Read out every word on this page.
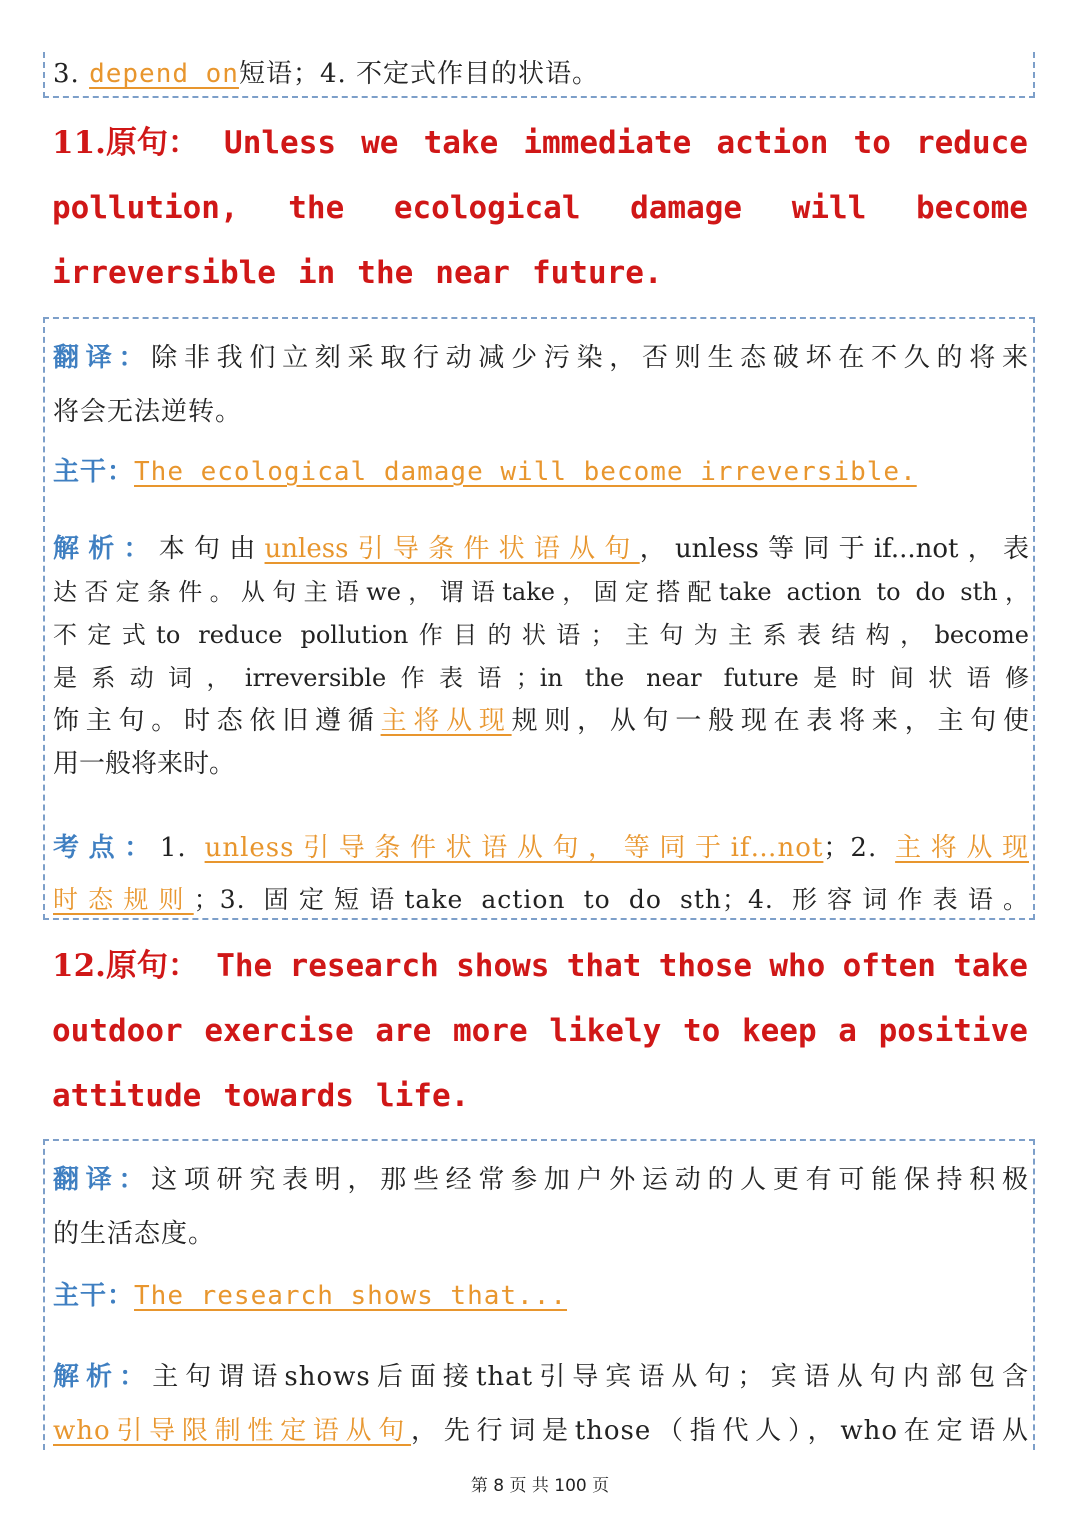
3. depend on短语；4. 不定式作目的状语。
11.原句： Unless we take immediate action to reduce
pollution, the ecological damage will become
irreversible in the near future.
翻译：除非我们立刻采取行动减少污染，否则生态破坏在不久的将来
将会无法逆转。
主干：The ecological damage will become irreversible.
解析：本句由unless引导条件状语从句，unless等同于if...not，表
达否定条件。从句主语we，谓语take，固定搭配take action to do sth，
不定式to reduce pollution作目的状语；主句为主系表结构，become
是系动词，irreversible作表语；in the near future是时间状语修
饰主句。时态依旧遵循主将从现规则，从句一般现在表将来，主句使
用一般将来时。
考点：1. unless引导条件状语从句，等同于if…not；2. 主将从现
时态规则；3. 固定短语take action to do sth；4. 形容词作表语。
12.原句： The research shows that those who often take
outdoor exercise are more likely to keep a positive
attitude towards life.
翻译：这项研究表明，那些经常参加户外运动的人更有可能保持积极
的生活态度。
主干：The research shows that...
解析：主句谓语shows后面接that引导宾语从句；宾语从句内部包含
who引导限制性定语从句，先行词是those（指代人），who在定语从
第 8 页 共 100 页
